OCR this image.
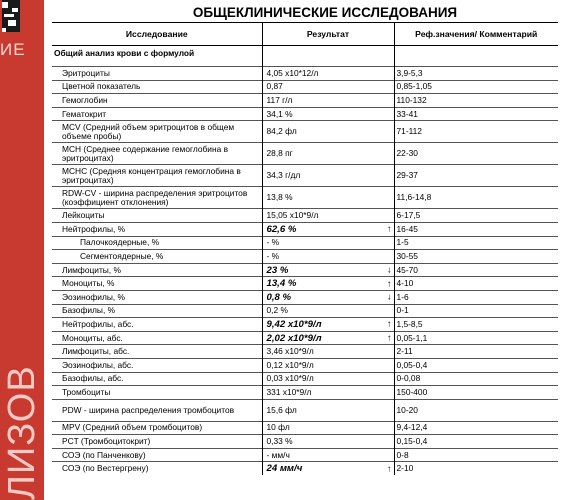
ИЕ
ЛИЗОВ
ОБЩЕКЛИНИЧЕСКИЕ ИССЛЕДОВАНИЯ
Исследование	Результат	Реф.значения/ Комментарий
Общий анализ крови с формулой		

Эритроциты	4,05 x10*12/л	3,9-5,3
Цветной показатель	0,87	0,85-1,05
Гемоглобин	117 г/л	110-132
Гематокрит	34,1 %	33-41
MCV (Средний объем эритроцитов в общем объеме пробы)	84,2 фл	71-112
MCH (Среднее содержание гемоглобина в эритроцитах)	28,8 пг	22-30
MCHC (Средняя концентрация гемоглобина в эритроцитах)	34,3 г/дл	29-37
RDW-CV - ширина распределения эритроцитов (коэффициент отклонения)	13,8 %	11,6-14,8
Лейкоциты	15,05 x10*9/л	6-17,5
Нейтрофилы, %	62,6 % ↑	16-45
Палочкоядерные, %	- %	1-5
Сегментоядерные, %	- %	30-55
Лимфоциты, %	23 % ↓	45-70
Моноциты, %	13,4 % ↑	4-10
Эозинофилы, %	0,8 % ↓	1-6
Базофилы, %	0,2 %	0-1
Нейтрофилы, абс.	9,42 x10*9/л ↑	1,5-8,5
Моноциты, абс.	2,02 x10*9/л ↑	0,05-1,1
Лимфоциты, абс.	3,46 x10*9/л	2-11
Эозинофилы, абс.	0,12 x10*9/л	0,05-0,4
Базофилы, абс.	0,03 x10*9/л	0-0,08
Тромбоциты	331 x10*9/л	150-400
PDW - ширина распределения тромбоцитов	15,6 фл	10-20
MPV (Средний объем тромбоцитов)	10 фл	9,4-12,4
PCT (Тромбоцитокрит)	0,33 %	0,15-0,4
СОЭ (по Панченкову)	- мм/ч	0-8
СОЭ (по Вестергрену)	24 мм/ч ↑	2-10
